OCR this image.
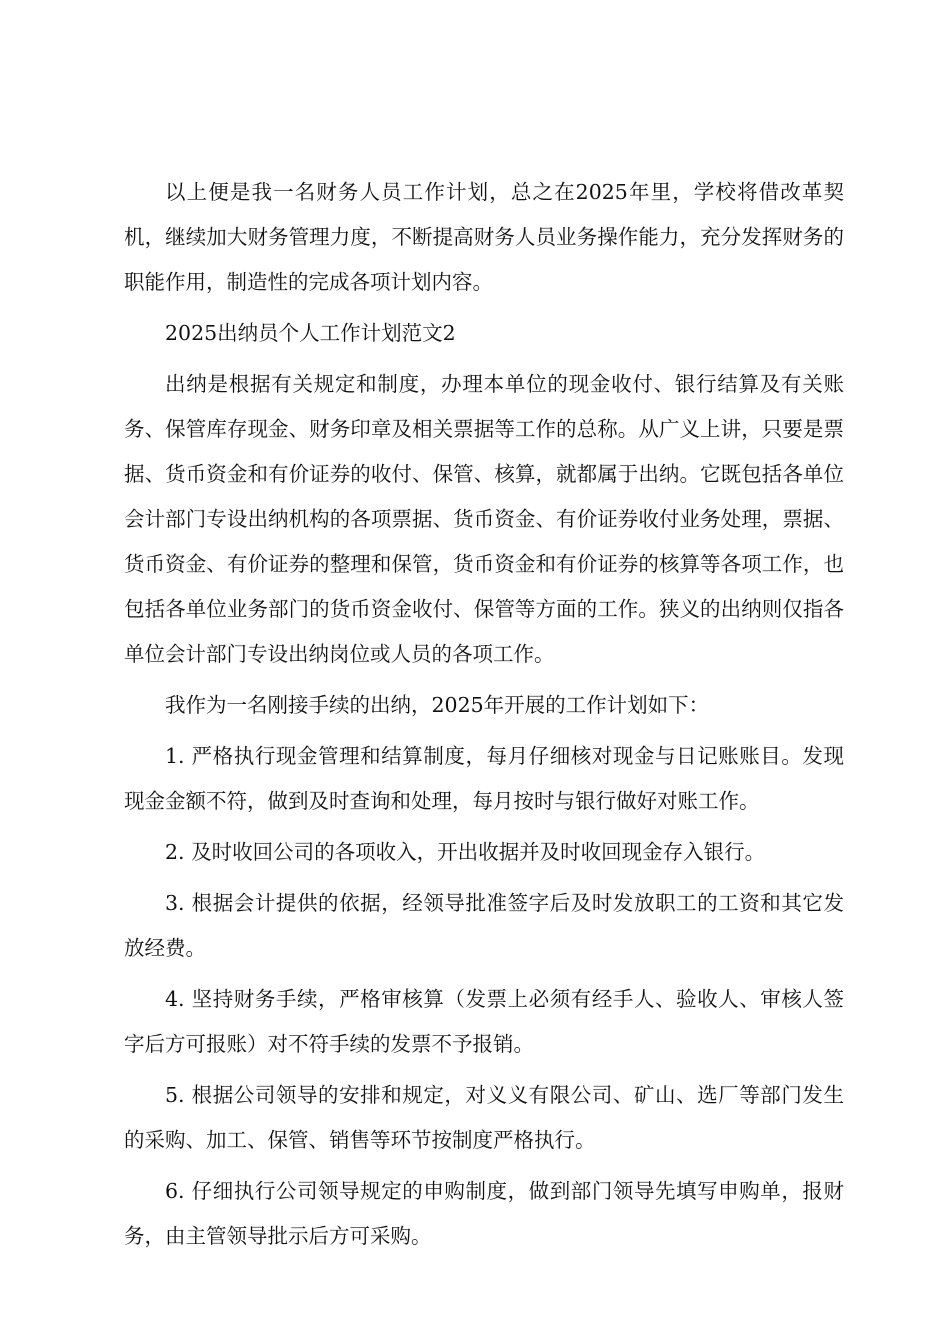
以上便是我一名财务人员工作计划，总之在2025年里，学校将借改革契机，继续加大财务管理力度，不断提高财务人员业务操作能力，充分发挥财务的职能作用，制造性的完成各项计划内容。

2025出纳员个人工作计划范文2

出纳是根据有关规定和制度，办理本单位的现金收付、银行结算及有关账务、保管库存现金、财务印章及相关票据等工作的总称。从广义上讲，只要是票据、货币资金和有价证券的收付、保管、核算，就都属于出纳。它既包括各单位会计部门专设出纳机构的各项票据、货币资金、有价证券收付业务处理，票据、货币资金、有价证券的整理和保管，货币资金和有价证券的核算等各项工作，也包括各单位业务部门的货币资金收付、保管等方面的工作。狭义的出纳则仅指各单位会计部门专设出纳岗位或人员的各项工作。

我作为一名刚接手续的出纳，2025年开展的工作计划如下：

1. 严格执行现金管理和结算制度，每月仔细核对现金与日记账账目。发现现金金额不符，做到及时查询和处理，每月按时与银行做好对账工作。

2. 及时收回公司的各项收入，开出收据并及时收回现金存入银行。

3. 根据会计提供的依据，经领导批准签字后及时发放职工的工资和其它发放经费。

4. 坚持财务手续，严格审核算（发票上必须有经手人、验收人、审核人签字后方可报账）对不符手续的发票不予报销。

5. 根据公司领导的安排和规定，对义义有限公司、矿山、选厂等部门发生的采购、加工、保管、销售等环节按制度严格执行。

6. 仔细执行公司领导规定的申购制度，做到部门领导先填写申购单，报财务，由主管领导批示后方可采购。
